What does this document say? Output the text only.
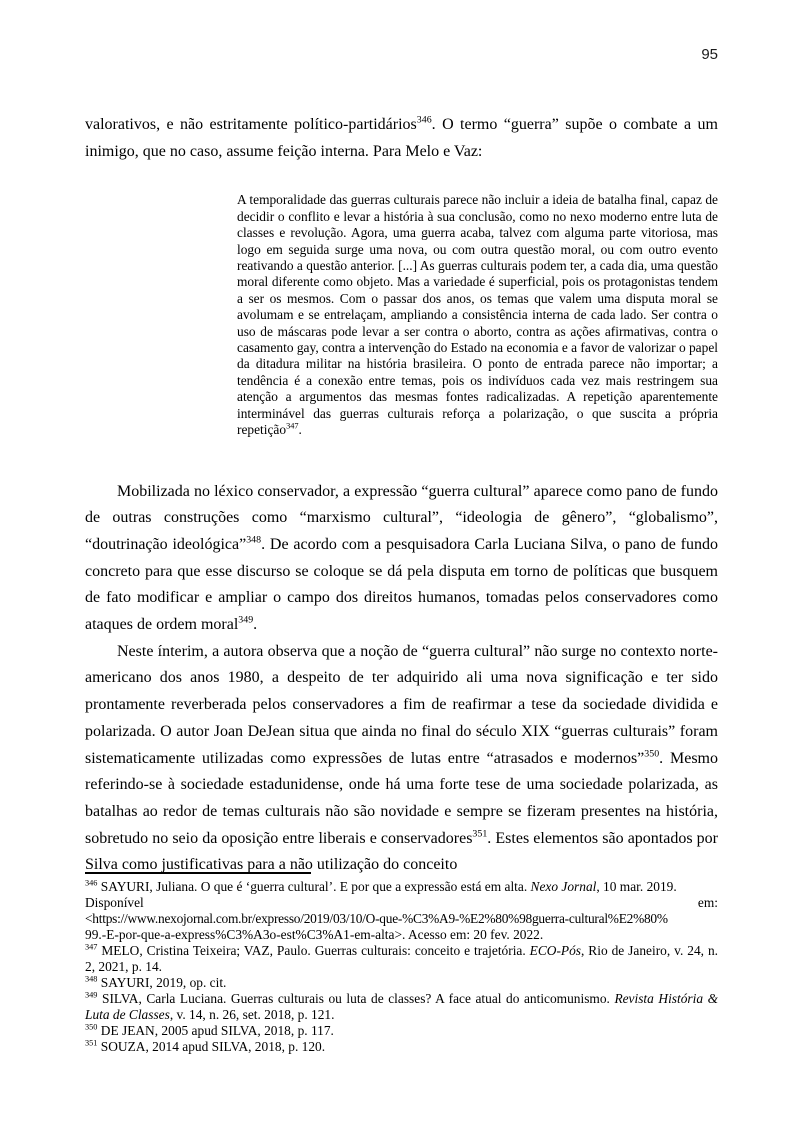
95

valorativos, e não estritamente político-partidários$^{346}$. O termo “guerra” supõe o combate a um inimigo, que no caso, assume feição interna. Para Melo e Vaz:

A temporalidade das guerras culturais parece não incluir a ideia de batalha final, capaz de decidir o conflito e levar a história à sua conclusão, como no nexo moderno entre luta de classes e revolução. Agora, uma guerra acaba, talvez com alguma parte vitoriosa, mas logo em seguida surge uma nova, ou com outra questão moral, ou com outro evento reativando a questão anterior. [...] As guerras culturais podem ter, a cada dia, uma questão moral diferente como objeto. Mas a variedade é superficial, pois os protagonistas tendem a ser os mesmos. Com o passar dos anos, os temas que valem uma disputa moral se avolumam e se entrelaçam, ampliando a consistência interna de cada lado. Ser contra o uso de máscaras pode levar a ser contra o aborto, contra as ações afirmativas, contra o casamento gay, contra a intervenção do Estado na economia e a favor de valorizar o papel da ditadura militar na história brasileira. O ponto de entrada parece não importar; a tendência é a conexão entre temas, pois os indivíduos cada vez mais restringem sua atenção a argumentos das mesmas fontes radicalizadas. A repetição aparentemente interminável das guerras culturais reforça a polarização, o que suscita a própria repetição$^{347}$.

Mobilizada no léxico conservador, a expressão “guerra cultural” aparece como pano de fundo de outras construções como “marxismo cultural”, “ideologia de gênero”, “globalismo”, “doutrinação ideológica”$^{348}$. De acordo com a pesquisadora Carla Luciana Silva, o pano de fundo concreto para que esse discurso se coloque se dá pela disputa em torno de políticas que busquem de fato modificar e ampliar o campo dos direitos humanos, tomadas pelos conservadores como ataques de ordem moral$^{349}$.

Neste ínterim, a autora observa que a noção de “guerra cultural” não surge no contexto norte-americano dos anos 1980, a despeito de ter adquirido ali uma nova significação e ter sido prontamente reverberada pelos conservadores a fim de reafirmar a tese da sociedade dividida e polarizada. O autor Joan DeJean situa que ainda no final do século XIX “guerras culturais” foram sistematicamente utilizadas como expressões de lutas entre “atrasados e modernos”$^{350}$. Mesmo referindo-se à sociedade estadunidense, onde há uma forte tese de uma sociedade polarizada, as batalhas ao redor de temas culturais não são novidade e sempre se fizeram presentes na história, sobretudo no seio da oposição entre liberais e conservadores$^{351}$. Estes elementos são apontados por Silva como justificativas para a não utilização do conceito

$^{346}$ SAYURI, Juliana. O que é ‘guerra cultural’. E por que a expressão está em alta. Nexo Jornal, 10 mar. 2019.
Disponível em:
<https://www.nexojornal.com.br/expresso/2019/03/10/O-que-%C3%A9-%E2%80%98guerra-cultural%E2%80%
99.-E-por-que-a-express%C3%A3o-est%C3%A1-em-alta>. Acesso em: 20 fev. 2022.
$^{347}$ MELO, Cristina Teixeira; VAZ, Paulo. Guerras culturais: conceito e trajetória. ECO-Pós, Rio de Janeiro, v. 24, n. 2, 2021, p. 14.
$^{348}$ SAYURI, 2019, op. cit.
$^{349}$ SILVA, Carla Luciana. Guerras culturais ou luta de classes? A face atual do anticomunismo. Revista História & Luta de Classes, v. 14, n. 26, set. 2018, p. 121.
$^{350}$ DE JEAN, 2005 apud SILVA, 2018, p. 117.
$^{351}$ SOUZA, 2014 apud SILVA, 2018, p. 120.
